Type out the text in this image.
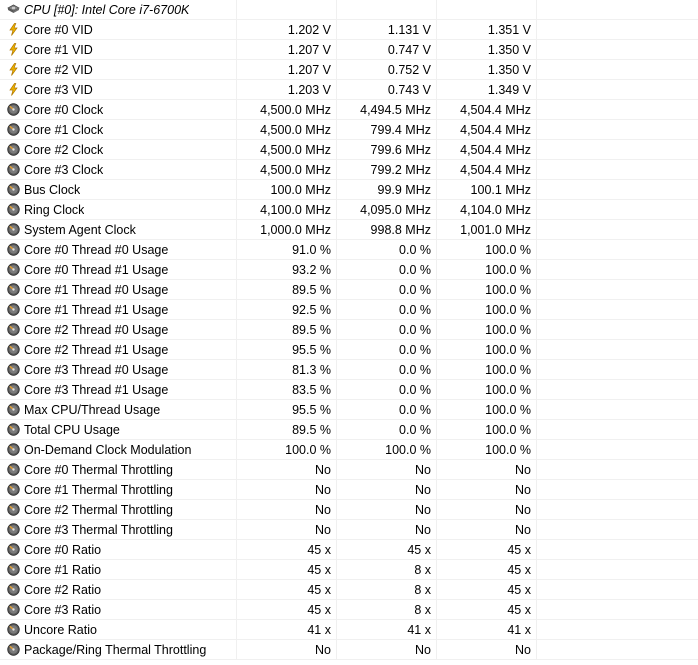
CPU [#0]: Intel Core i7-6700K
Core #0 VID	1.202 V	1.131 V	1.351 V
Core #1 VID	1.207 V	0.747 V	1.350 V
Core #2 VID	1.207 V	0.752 V	1.350 V
Core #3 VID	1.203 V	0.743 V	1.349 V
Core #0 Clock	4,500.0 MHz	4,494.5 MHz	4,504.4 MHz
Core #1 Clock	4,500.0 MHz	799.4 MHz	4,504.4 MHz
Core #2 Clock	4,500.0 MHz	799.6 MHz	4,504.4 MHz
Core #3 Clock	4,500.0 MHz	799.2 MHz	4,504.4 MHz
Bus Clock	100.0 MHz	99.9 MHz	100.1 MHz
Ring Clock	4,100.0 MHz	4,095.0 MHz	4,104.0 MHz
System Agent Clock	1,000.0 MHz	998.8 MHz	1,001.0 MHz
Core #0 Thread #0 Usage	91.0 %	0.0 %	100.0 %
Core #0 Thread #1 Usage	93.2 %	0.0 %	100.0 %
Core #1 Thread #0 Usage	89.5 %	0.0 %	100.0 %
Core #1 Thread #1 Usage	92.5 %	0.0 %	100.0 %
Core #2 Thread #0 Usage	89.5 %	0.0 %	100.0 %
Core #2 Thread #1 Usage	95.5 %	0.0 %	100.0 %
Core #3 Thread #0 Usage	81.3 %	0.0 %	100.0 %
Core #3 Thread #1 Usage	83.5 %	0.0 %	100.0 %
Max CPU/Thread Usage	95.5 %	0.0 %	100.0 %
Total CPU Usage	89.5 %	0.0 %	100.0 %
On-Demand Clock Modulation	100.0 %	100.0 %	100.0 %
Core #0 Thermal Throttling	No	No	No
Core #1 Thermal Throttling	No	No	No
Core #2 Thermal Throttling	No	No	No
Core #3 Thermal Throttling	No	No	No
Core #0 Ratio	45 x	45 x	45 x
Core #1 Ratio	45 x	8 x	45 x
Core #2 Ratio	45 x	8 x	45 x
Core #3 Ratio	45 x	8 x	45 x
Uncore Ratio	41 x	41 x	41 x
Package/Ring Thermal Throttling	No	No	No
